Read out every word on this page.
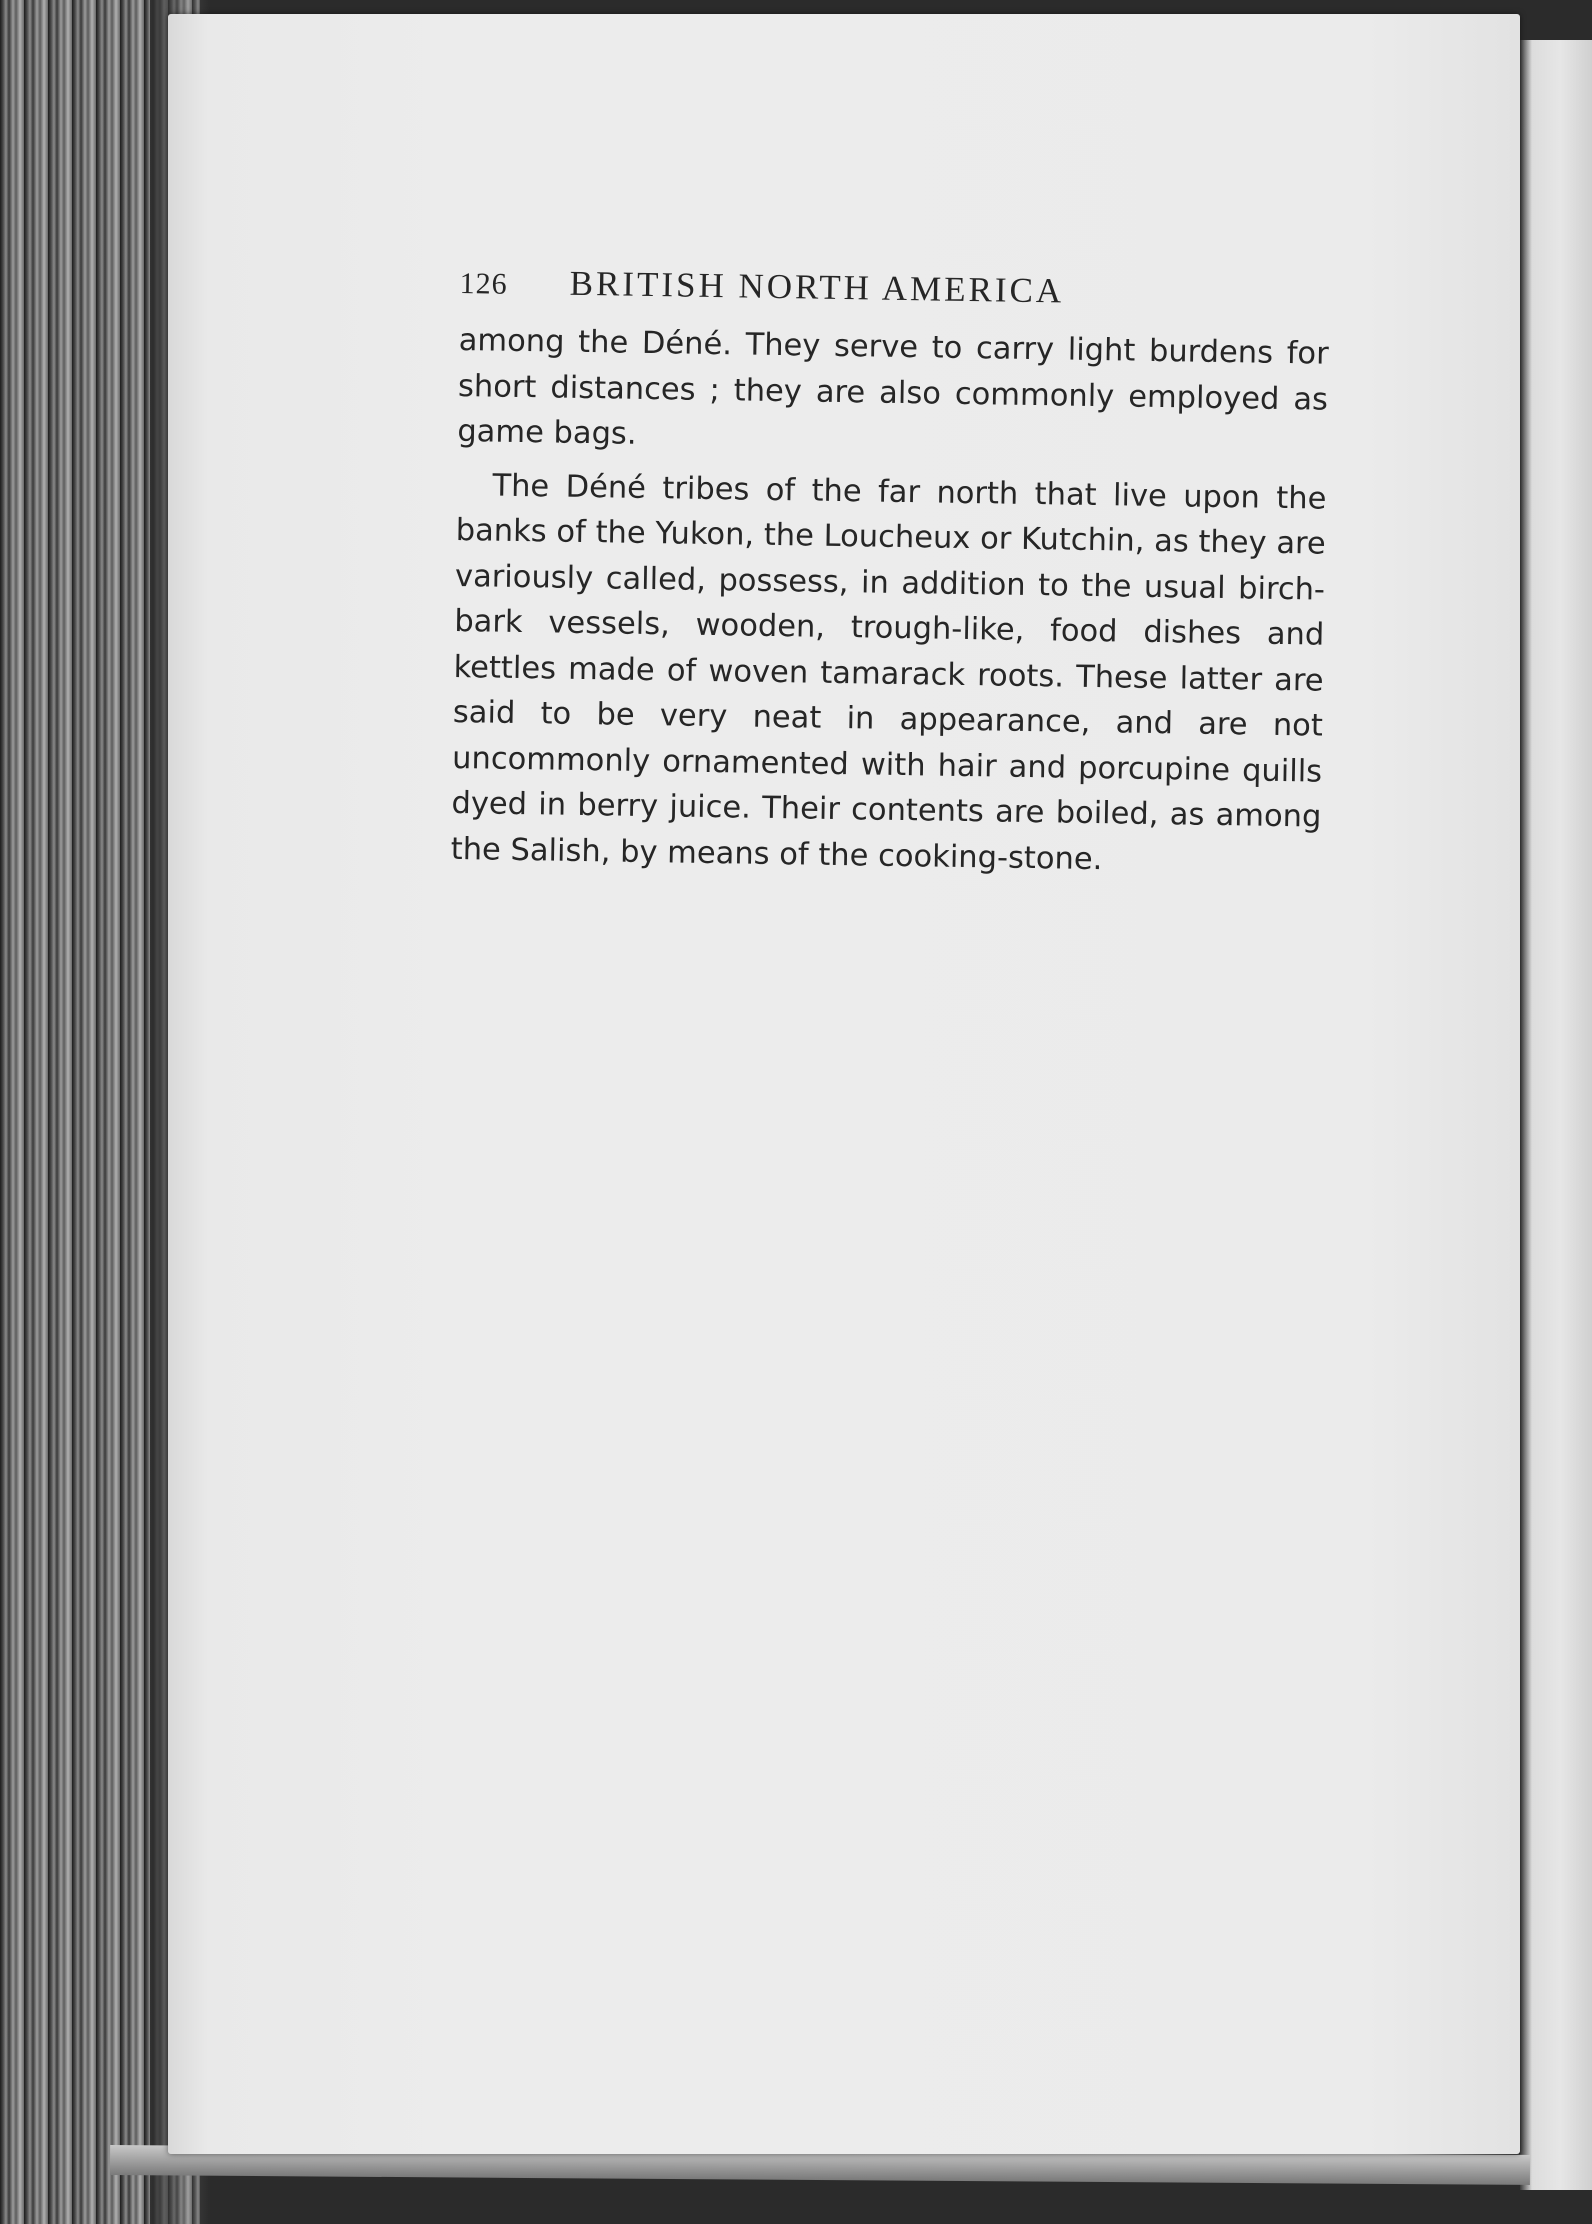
126	BRITISH NORTH AMERICA

among the Déné. They serve to carry light burdens for short distances ; they are also commonly employed as game bags.

The Déné tribes of the far north that live upon the banks of the Yukon, the Loucheux or Kutchin, as they are variously called, possess, in addition to the usual birch-bark vessels, wooden, trough-like, food dishes and kettles made of woven tamarack roots. These latter are said to be very neat in appearance, and are not uncommonly ornamented with hair and porcupine quills dyed in berry juice. Their contents are boiled, as among the Salish, by means of the cooking-stone.
